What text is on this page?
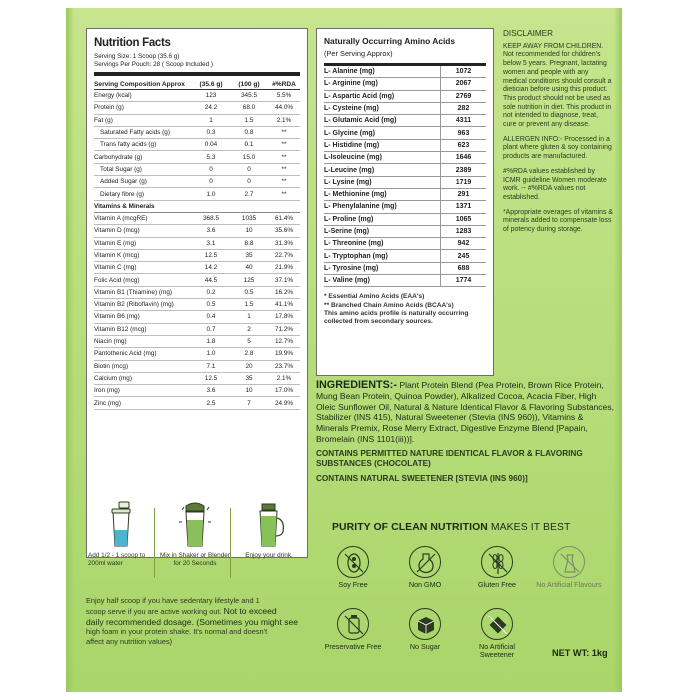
Nutrition Facts
Serving Size: 1 Scoop (35.6 g)
Servings Per Pouch: 28 ( Scoop Included )
Serving Composition Approx	(35.6 g)	(100 g)	#%RDA
Energy (kcal)	123	345.5	5.5%
Protein (g)	24.2	68.0	44.0%
Fat (g)	1	1.5	2.1%
Saturated Fatty acids (g)	0.3	0.8	**
Trans fatty acids (g)	0.04	0.1	**
Carbohydrate (g)	5.3	15.0	**
Total Sugar (g)	0	0	**
Added Sugar (g)	0	0	**
Dietary fibre (g)	1.0	2.7	**
Vitamins & Minerals
Vitamin A (mcgRE)	368.5	1035	61.4%
Vitamin D (mcg)	3.6	10	35.6%
Vitamin E (mg)	3.1	8.8	31.3%
Vitamin K (mcg)	12.5	35	22.7%
Vitamin C (mg)	14.2	40	21.9%
Folic Acid (mcg)	44.5	125	37.1%
Vitamin B1 (Thiamine) (mg)	0.2	0.5	16.2%
Vitamin B2 (Riboflavin) (mg)	0.5	1.5	41.1%
Vitamin B6 (mg)	0.4	1	17.8%
Vitamin B12 (mcg)	0.7	2	71.2%
Niacin (mg)	1.8	5	12.7%
Pantothenic Acid (mg)	1.0	2.8	19.9%
Biotin (mcg)	7.1	20	23.7%
Calcium (mg)	12.5	35	2.1%
Iron (mg)	3.6	10	17.0%
Zinc (mg)	2.5	7	24.9%
Add 1/2 - 1 scoop to 200ml water
Mix in Shaker or Blender for 20 Seconds
Enjoy your drink.
Enjoy half scoop if you have sedentary lifestyle and 1
scoop serve if you are active working out. Not to exceed
daily recommended dosage. (Sometimes you might see
high foam in your protein shake. It's normal and doesn't
affect any nutrition values)
Naturally Occurring Amino Acids
(Per Serving Approx)
L- Alanine (mg)	1072
L- Arginine (mg)	2067
L- Aspartic Acid (mg)	2769
L- Cysteine (mg)	282
L- Glutamic Acid (mg)	4311
L- Glycine (mg)	963
L- Histidine (mg)	623
L-Isoleucine (mg)	1646
L-Leucine (mg)	2389
L- Lysine (mg)	1719
L- Methionine (mg)	291
L- Phenylalanine (mg)	1371
L- Proline (mg)	1065
L-Serine (mg)	1283
L- Threonine (mg)	942
L- Tryptophan (mg)	245
L- Tyrosine (mg)	688
L- Valine (mg)	1774
* Essential Amino Acids (EAA's)
** Branched Chain Amino Acids (BCAA's)
This amino acids profile is naturally occurring collected from secondary sources.
DISCLAIMER

KEEP AWAY FROM CHILDREN. Not recommended for children's below 5 years. Pregnant, lactating women and people with any medical conditions should consult a dietician before using this product. This product should not be used as sole nutrition in diet. This product in not intended to diagnose, treat, cure or prevent any disease.

ALLERGEN INFO:- Processed in a plant where gluten & soy containing products are manufactured.

#%RDA values established by ICMR guideline Women moderate work. -- #%RDA values not established.

*Appropriate overages of vitamins & minerals added to compensate loss of potency during storage.

INGREDIENTS:- Plant Protein Blend (Pea Protein, Brown Rice Protein, Mung Bean Protein, Quinoa Powder), Alkalized Cocoa, Acacia Fiber, High Oleic Sunflower Oil, Natural & Nature Identical Flavor & Flavoring Substances, Stabilizer (INS 415), Natural Sweetener (Stevia (INS 960)), Vitamins & Minerals Premix, Rose Merry Extract, Digestive Enzyme Blend [Papain, Bromelain (INS 1101(iii))].
CONTAINS PERMITTED NATURE IDENTICAL FLAVOR & FLAVORING SUBSTANCES (CHOCOLATE)
CONTAINS NATURAL SWEETENER [STEVIA (INS 960)]
PURITY OF CLEAN NUTRITION MAKES IT BEST
Soy Free	Non GMO	Gluten Free	No Artificial Flavours
Preservative Free	No Sugar	No Artificial Sweetener	NET WT: 1kg
